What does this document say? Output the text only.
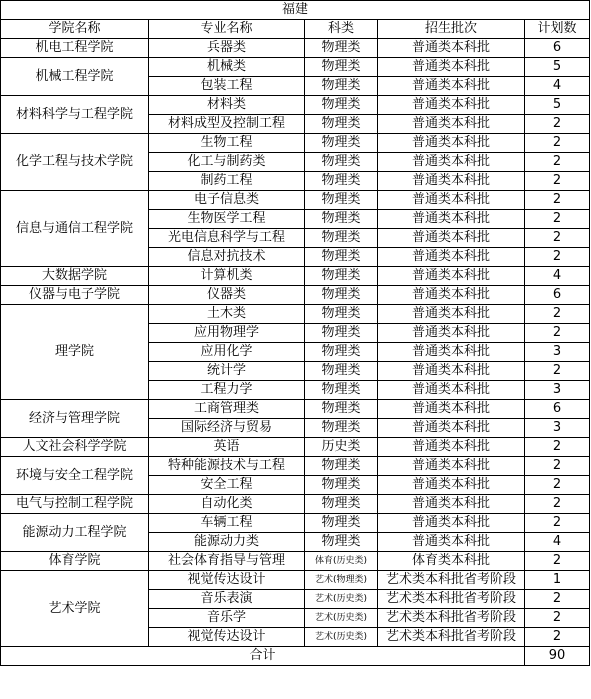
福建				
学院名称	专业名称	科类	招生批次	计划数
机电工程学院	兵器类	物理类	普通类本科批	6
机械工程学院	机械类	物理类	普通类本科批	5
	包装工程	物理类	普通类本科批	4
材料科学与工程学院	材料类	物理类	普通类本科批	5
	材料成型及控制工程	物理类	普通类本科批	2
化学工程与技术学院	生物工程	物理类	普通类本科批	2
	化工与制药类	物理类	普通类本科批	2
	制药工程	物理类	普通类本科批	2
信息与通信工程学院	电子信息类	物理类	普通类本科批	2
	生物医学工程	物理类	普通类本科批	2
	光电信息科学与工程	物理类	普通类本科批	2
	信息对抗技术	物理类	普通类本科批	2
大数据学院	计算机类	物理类	普通类本科批	4
仪器与电子学院	仪器类	物理类	普通类本科批	6
理学院	土木类	物理类	普通类本科批	2
	应用物理学	物理类	普通类本科批	2
	应用化学	物理类	普通类本科批	3
	统计学	物理类	普通类本科批	2
	工程力学	物理类	普通类本科批	3
经济与管理学院	工商管理类	物理类	普通类本科批	6
	国际经济与贸易	物理类	普通类本科批	3
人文社会科学学院	英语	历史类	普通类本科批	2
环境与安全工程学院	特种能源技术与工程	物理类	普通类本科批	2
	安全工程	物理类	普通类本科批	2
电气与控制工程学院	自动化类	物理类	普通类本科批	2
能源动力工程学院	车辆工程	物理类	普通类本科批	2
	能源动力类	物理类	普通类本科批	4
体育学院	社会体育指导与管理	体育(历史类)	体育类本科批	2
艺术学院	视觉传达设计	艺术(物理类)	艺术类本科批省考阶段	1
	音乐表演	艺术(历史类)	艺术类本科批省考阶段	2
	音乐学	艺术(历史类)	艺术类本科批省考阶段	2
	视觉传达设计	艺术(历史类)	艺术类本科批省考阶段	2
合计				90
